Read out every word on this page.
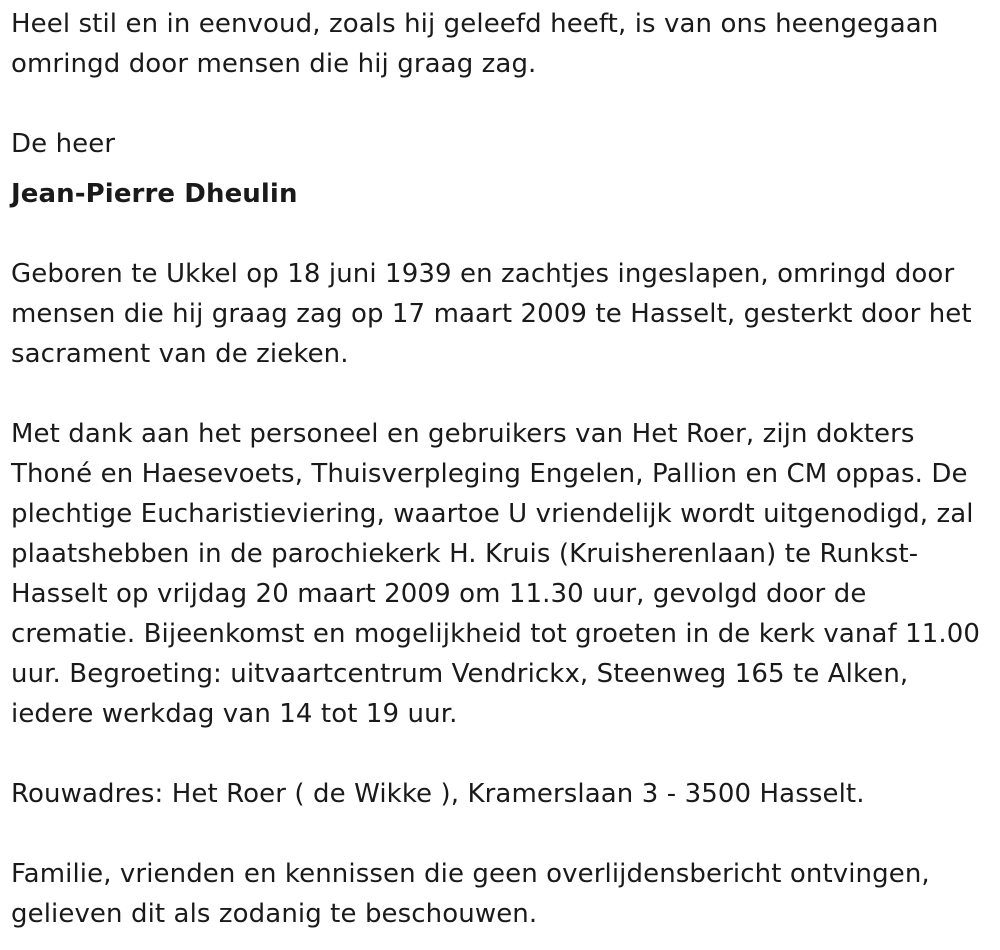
Heel stil en in eenvoud, zoals hij geleefd heeft, is van ons heengegaan
omringd door mensen die hij graag zag.

De heer

Jean-Pierre Dheulin

Geboren te Ukkel op 18 juni 1939 en zachtjes ingeslapen, omringd door
mensen die hij graag zag op 17 maart 2009 te Hasselt, gesterkt door het
sacrament van de zieken.

Met dank aan het personeel en gebruikers van Het Roer, zijn dokters
Thoné en Haesevoets, Thuisverpleging Engelen, Pallion en CM oppas. De
plechtige Eucharistieviering, waartoe U vriendelijk wordt uitgenodigd, zal
plaatshebben in de parochiekerk H. Kruis (Kruisherenlaan) te Runkst-
Hasselt op vrijdag 20 maart 2009 om 11.30 uur, gevolgd door de
crematie. Bijeenkomst en mogelijkheid tot groeten in de kerk vanaf 11.00
uur. Begroeting: uitvaartcentrum Vendrickx, Steenweg 165 te Alken,
iedere werkdag van 14 tot 19 uur.

Rouwadres: Het Roer ( de Wikke ), Kramerslaan 3 - 3500 Hasselt.

Familie, vrienden en kennissen die geen overlijdensbericht ontvingen,
gelieven dit als zodanig te beschouwen.
